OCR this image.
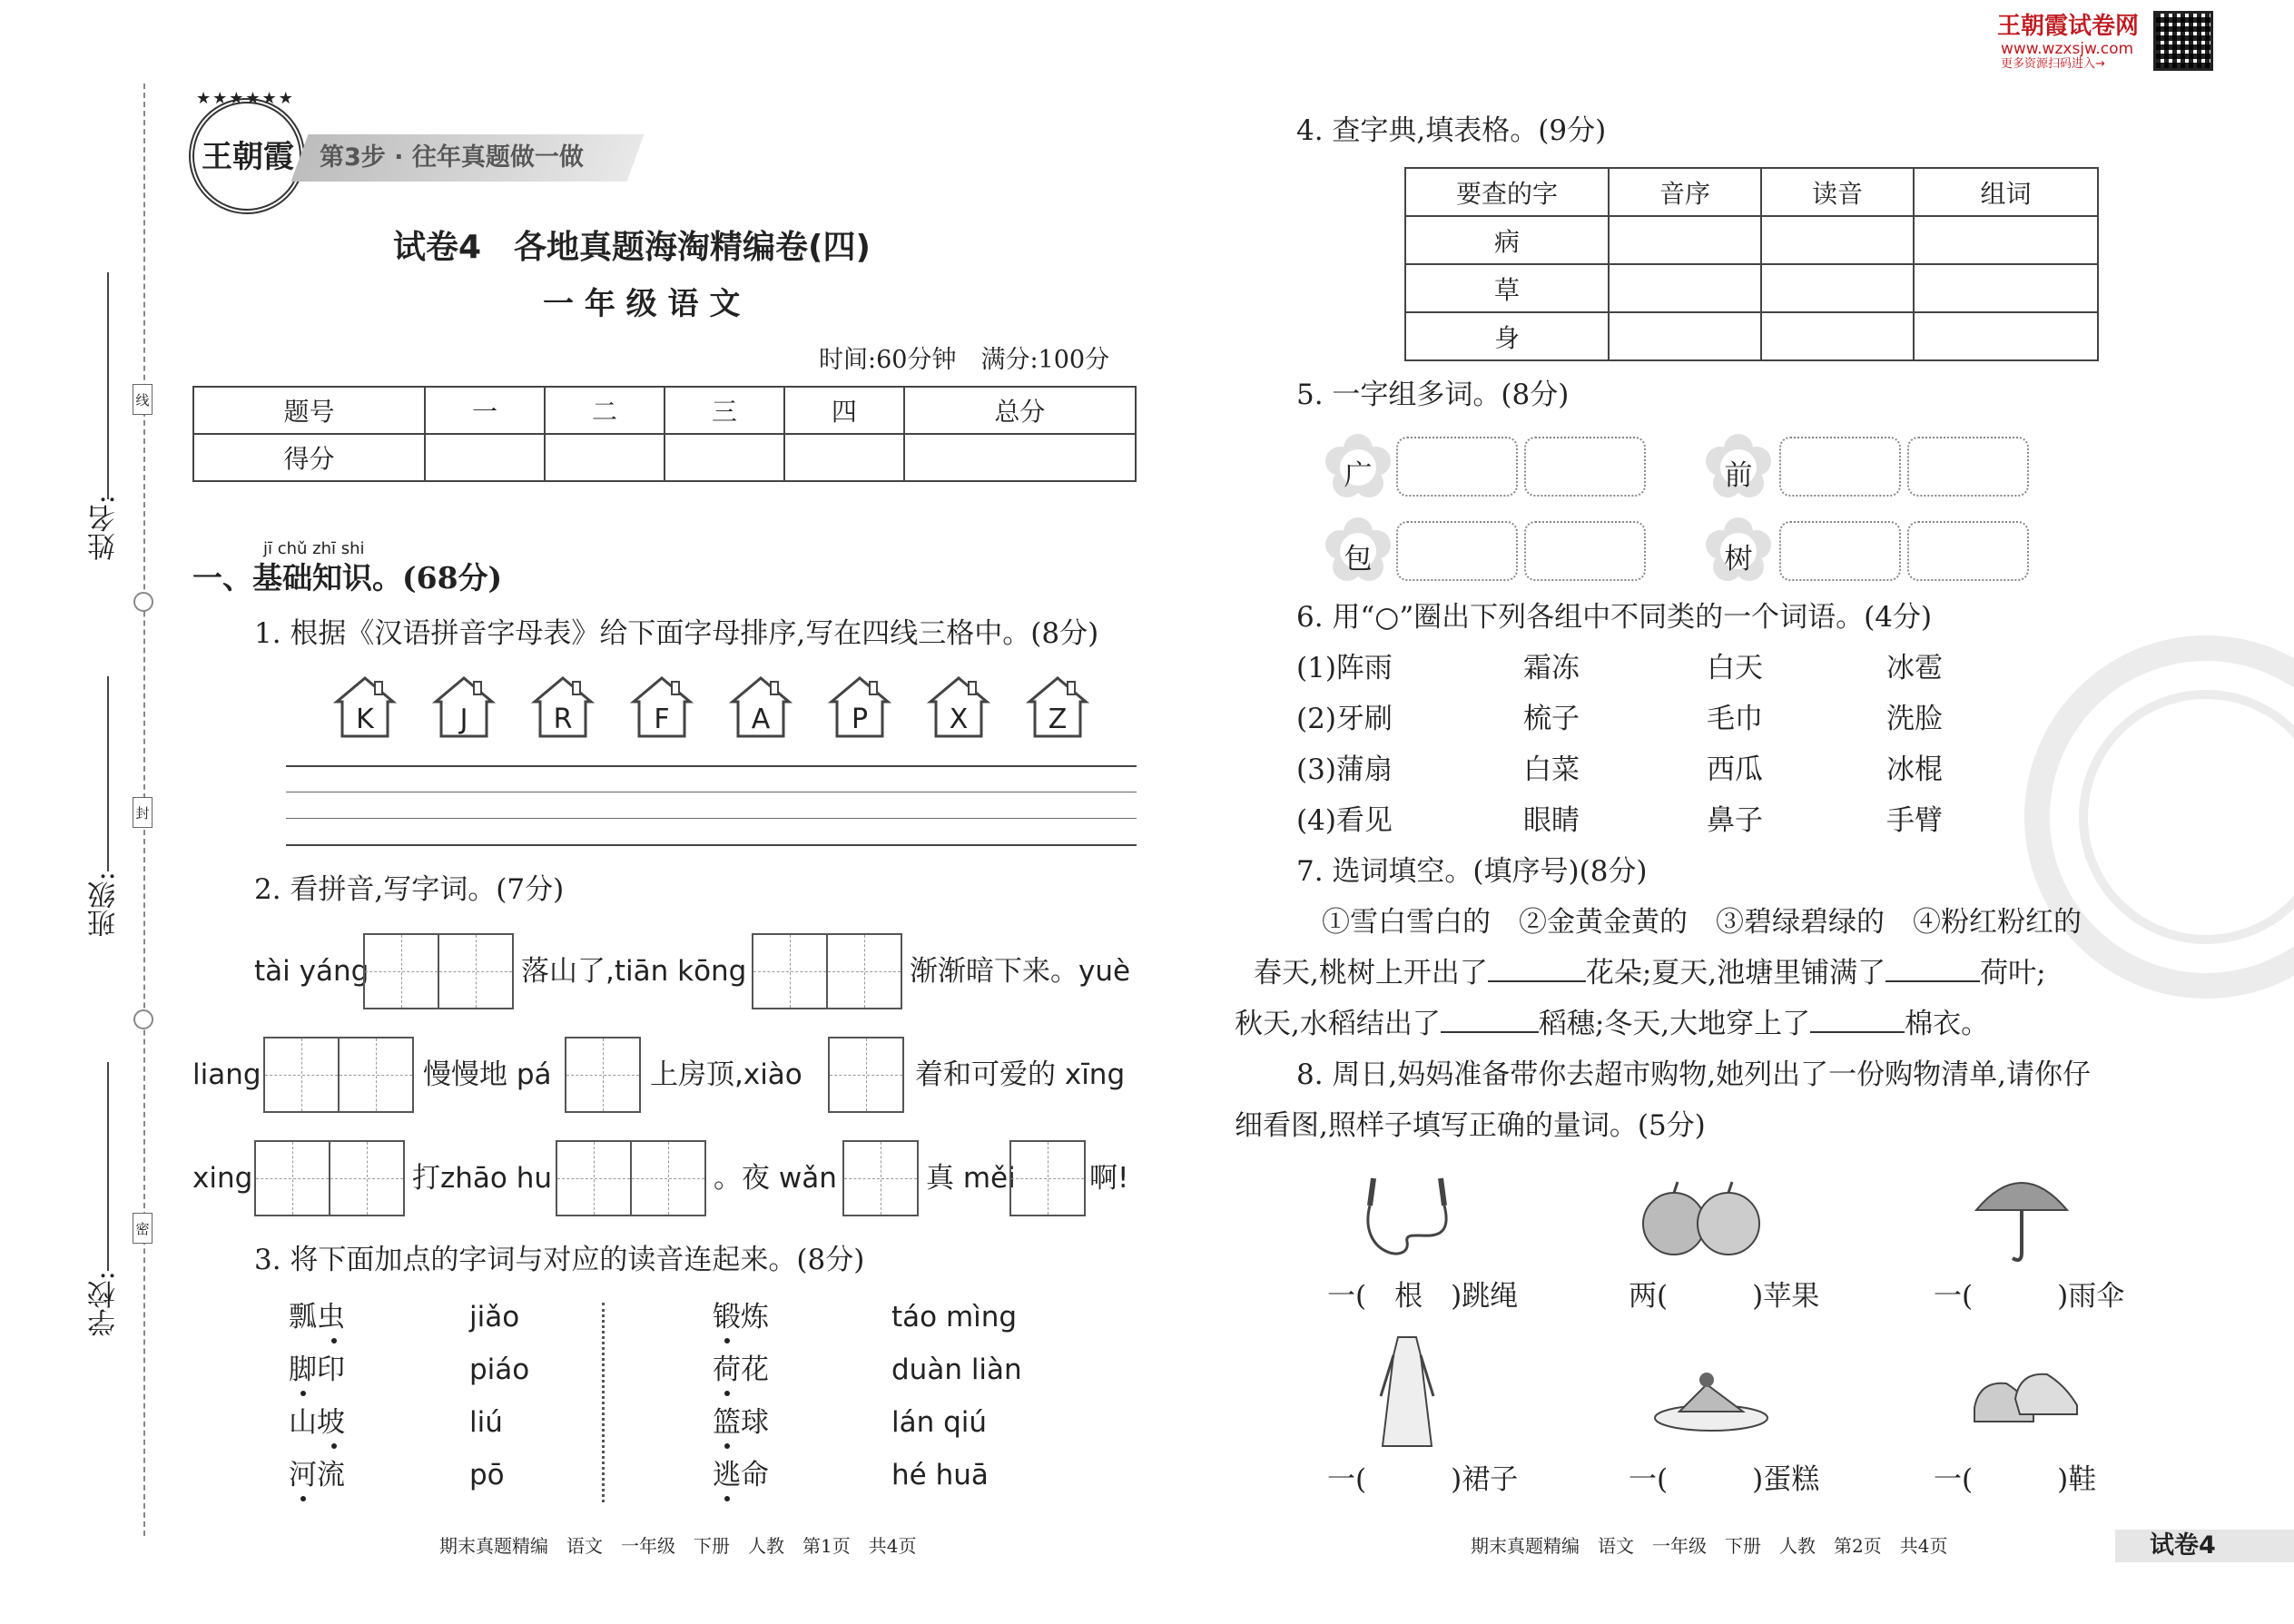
姓名:
班级:
学校:
线
封
密
★★★★★★
王朝霞 第3步 · 往年真题做一做
试卷4　各地真题海淘精编卷(四)
一 年 级 语 文
时间:60分钟　满分:100分
题号	一	二	三	四	总分
得分					
jī chǔ zhī shi
一、基础知识。(68分)
1. 根据《汉语拼音字母表》给下面字母排序,写在四线三格中。(8分)
K	J	R	F	A	P	X	Z
2. 看拼音,写字词。(7分)
tài yáng	落山了,tiān kōng	渐渐暗下来。yuè
liang	慢慢地 pá	上房顶,xiào	着和可爱的 xīng
xing	打zhāo hu	。夜 wǎn	真 měi	啊!
3. 将下面加点的字词与对应的读音连起来。(8分)
瓢虫
脚印
山坡
河流
jiǎo
piáo
liú
pō
锻炼
荷花
篮球
逃命
táo mìng
duàn liàn
lán qiú
hé huā
期末真题精编　语文　一年级　下册　人教　第1页　共4页	期末真题精编　语文　一年级　下册　人教　第2页　共4页	试卷4
王朝霞试卷网
www.wzxsjw.com
更多资源扫码进入→
4. 查字典,填表格。(9分)
要查的字	音序	读音	组词
病			
草			
身			
5. 一字组多词。(8分)
广	前
包	树
6. 用“○”圈出下列各组中不同类的一个词语。(4分)
(1)阵雨	霜冻	白天	冰雹
(2)牙刷	梳子	毛巾	洗脸
(3)蒲扇	白菜	西瓜	冰棍
(4)看见	眼睛	鼻子	手臂
7. 选词填空。(填序号)(8分)
①雪白雪白的　②金黄金黄的　③碧绿碧绿的　④粉红粉红的
春天,桃树上开出了	花朵;夏天,池塘里铺满了	荷叶;
秋天,水稻结出了	稻穗;冬天,大地穿上了	棉衣。
8. 周日,妈妈准备带你去超市购物,她列出了一份购物清单,请你仔
细看图,照样子填写正确的量词。(5分)
一(　根　)跳绳	两(　　　)苹果	一(　　　)雨伞
一(　　　)裙子	一(　　　)蛋糕	一(　　　)鞋
